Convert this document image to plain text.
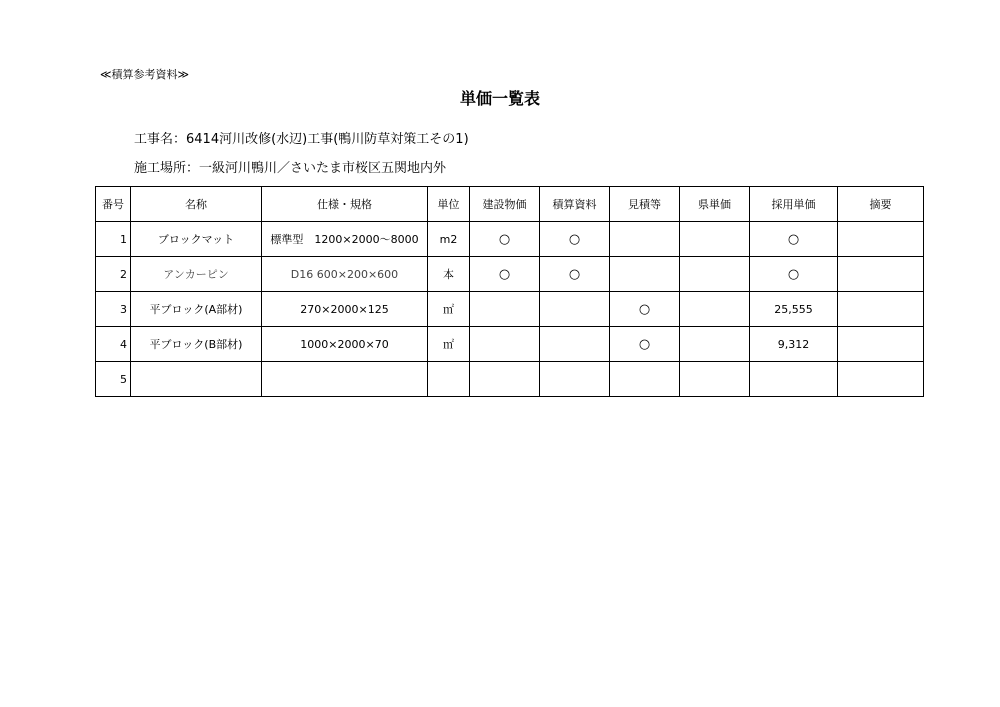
≪積算参考資料≫
単価一覧表
工事名：6414河川改修(水辺)工事(鴨川防草対策工その1)
施工場所：一級河川鴨川／さいたま市桜区五関地内外
番号	名称	仕様・規格	単位	建設物価	積算資料	見積等	県単価	採用単価	摘要
1	ブロックマット	標準型　1200×2000～8000	m2	○	○			○	
2	アンカーピン	D16 600×200×600	本	○	○			○	
3	平ブロック(A部材)	270×2000×125	㎡			○		25,555	
4	平ブロック(B部材)	1000×2000×70	㎡			○		9,312	
5									
